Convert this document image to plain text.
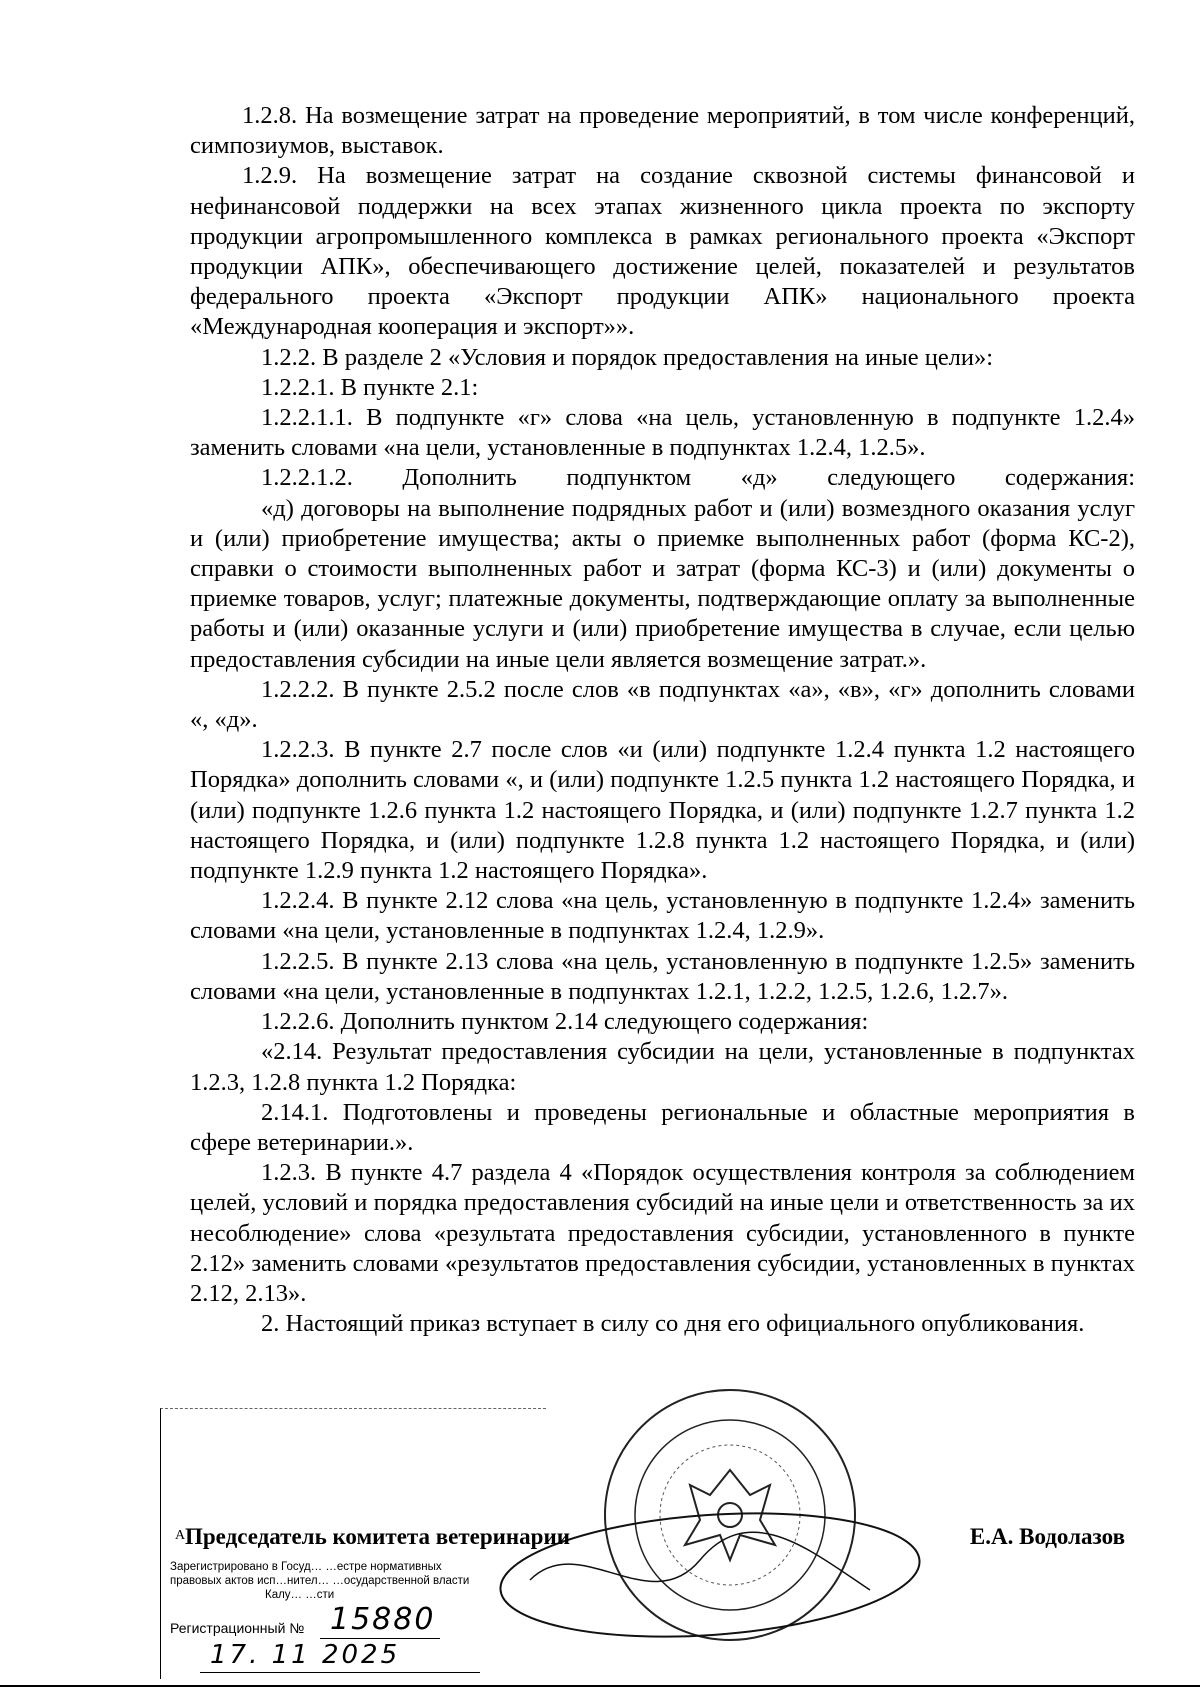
1.2.8. На возмещение затрат на проведение мероприятий, в том числе конференций, симпозиумов, выставок.

1.2.9. На возмещение затрат на создание сквозной системы финансовой и нефинансовой поддержки на всех этапах жизненного цикла проекта по экспорту продукции агропромышленного комплекса в рамках регионального проекта «Экспорт продукции АПК», обеспечивающего достижение целей, показателей и результатов федерального проекта «Экспорт продукции АПК» национального проекта «Международная кооперация и экспорт»».

1.2.2. В разделе 2 «Условия и порядок предоставления на иные цели»:

1.2.2.1. В пункте 2.1:

1.2.2.1.1. В подпункте «г» слова «на цель, установленную в подпункте 1.2.4» заменить словами «на цели, установленные в подпунктах 1.2.4, 1.2.5».

1.2.2.1.2. Дополнить подпунктом «д» следующего содержания:

«д) договоры на выполнение подрядных работ и (или) возмездного оказания услуг и (или) приобретение имущества; акты о приемке выполненных работ (форма КС-2), справки о стоимости выполненных работ и затрат (форма КС-3) и (или) документы о приемке товаров, услуг; платежные документы, подтверждающие оплату за выполненные работы и (или) оказанные услуги и (или) приобретение имущества в случае, если целью предоставления субсидии на иные цели является возмещение затрат.».

1.2.2.2. В пункте 2.5.2 после слов «в подпунктах «а», «в», «г» дополнить словами «, «д».

1.2.2.3. В пункте 2.7 после слов «и (или) подпункте 1.2.4 пункта 1.2 настоящего Порядка» дополнить словами «, и (или) подпункте 1.2.5 пункта 1.2 настоящего Порядка, и (или) подпункте 1.2.6 пункта 1.2 настоящего Порядка, и (или) подпункте 1.2.7 пункта 1.2 настоящего Порядка, и (или) подпункте 1.2.8 пункта 1.2 настоящего Порядка, и (или) подпункте 1.2.9 пункта 1.2 настоящего Порядка».

1.2.2.4. В пункте 2.12 слова «на цель, установленную в подпункте 1.2.4» заменить словами «на цели, установленные в подпунктах 1.2.4, 1.2.9».

1.2.2.5. В пункте 2.13 слова «на цель, установленную в подпункте 1.2.5» заменить словами «на цели, установленные в подпунктах 1.2.1, 1.2.2, 1.2.5, 1.2.6, 1.2.7».

1.2.2.6. Дополнить пунктом 2.14 следующего содержания:

«2.14. Результат предоставления субсидии на цели, установленные в подпунктах 1.2.3, 1.2.8 пункта 1.2 Порядка:

2.14.1. Подготовлены и проведены региональные и областные мероприятия в сфере ветеринарии.».

1.2.3. В пункте 4.7 раздела 4 «Порядок осуществления контроля за соблюдением целей, условий и порядка предоставления субсидий на иные цели и ответственность за их несоблюдение» слова «результата предоставления субсидии, установленного в пункте 2.12» заменить словами «результатов предоставления субсидии, установленных в пунктах 2.12, 2.13».

2. Настоящий приказ вступает в силу со дня его официального опубликования.

А Председатель комитета ветеринарии	Е.А. Водолазов
Зарегистрировано в Госуд… …естре нормативных
правовых актов исп…нител… …осударственной власти
Калу… …сти
Регистрационный № 15880
17. 11 2025
